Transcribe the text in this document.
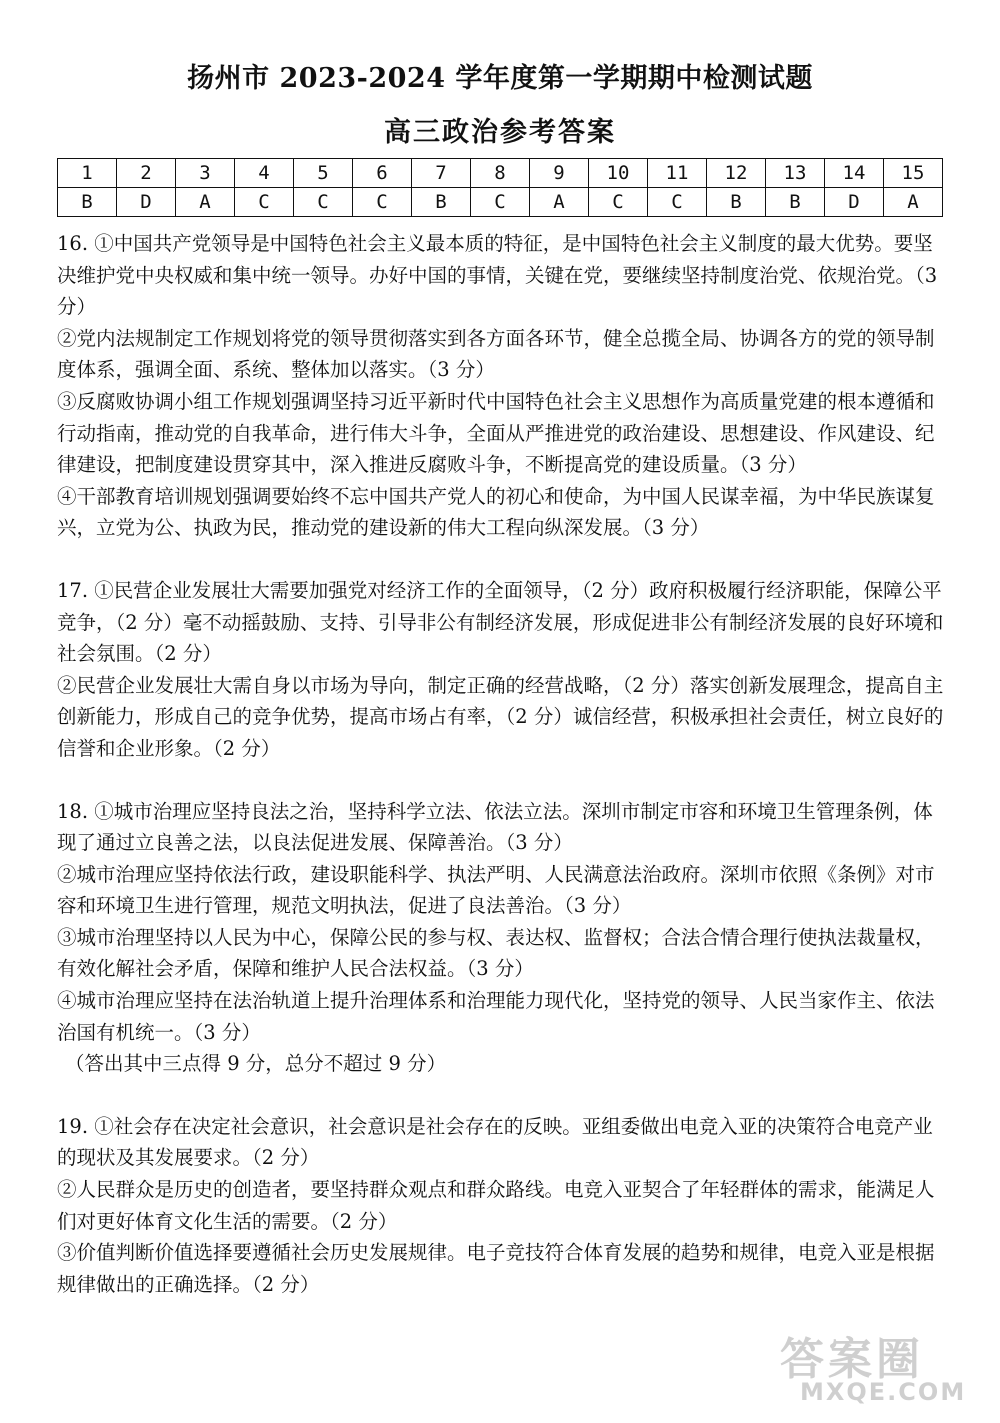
扬州市 2023-2024 学年度第一学期期中检测试题
高三政治参考答案
1	2	3	4	5	6	7	8	9	10	11	12	13	14	15
B	D	A	C	C	C	B	C	A	C	C	B	B	D	A

16. ①中国共产党领导是中国特色社会主义最本质的特征，是中国特色社会主义制度的最大优势。要坚决维护党中央权威和集中统一领导。办好中国的事情，关键在党，要继续坚持制度治党、依规治党。（3 分）

②党内法规制定工作规划将党的领导贯彻落实到各方面各环节，健全总揽全局、协调各方的党的领导制度体系，强调全面、系统、整体加以落实。（3 分）

③反腐败协调小组工作规划强调坚持习近平新时代中国特色社会主义思想作为高质量党建的根本遵循和行动指南，推动党的自我革命，进行伟大斗争，全面从严推进党的政治建设、思想建设、作风建设、纪律建设，把制度建设贯穿其中，深入推进反腐败斗争，不断提高党的建设质量。（3 分）

④干部教育培训规划强调要始终不忘中国共产党人的初心和使命，为中国人民谋幸福，为中华民族谋复兴，立党为公、执政为民，推动党的建设新的伟大工程向纵深发展。（3 分）

17. ①民营企业发展壮大需要加强党对经济工作的全面领导，（2 分）政府积极履行经济职能，保障公平竞争，（2 分）毫不动摇鼓励、支持、引导非公有制经济发展，形成促进非公有制经济发展的良好环境和社会氛围。（2 分）

②民营企业发展壮大需自身以市场为导向，制定正确的经营战略，（2 分）落实创新发展理念，提高自主创新能力，形成自己的竞争优势，提高市场占有率，（2 分）诚信经营，积极承担社会责任，树立良好的信誉和企业形象。（2 分）

18. ①城市治理应坚持良法之治，坚持科学立法、依法立法。深圳市制定市容和环境卫生管理条例，体现了通过立良善之法，以良法促进发展、保障善治。（3 分）

②城市治理应坚持依法行政，建设职能科学、执法严明、人民满意法治政府。深圳市依照《条例》对市容和环境卫生进行管理，规范文明执法，促进了良法善治。（3 分）

③城市治理坚持以人民为中心，保障公民的参与权、表达权、监督权；合法合情合理行使执法裁量权，有效化解社会矛盾，保障和维护人民合法权益。（3 分）

④城市治理应坚持在法治轨道上提升治理体系和治理能力现代化，坚持党的领导、人民当家作主、依法治国有机统一。（3 分）

（答出其中三点得 9 分，总分不超过 9 分）

19. ①社会存在决定社会意识，社会意识是社会存在的反映。亚组委做出电竞入亚的决策符合电竞产业的现状及其发展要求。（2 分）

②人民群众是历史的创造者，要坚持群众观点和群众路线。电竞入亚契合了年轻群体的需求，能满足人们对更好体育文化生活的需要。（2 分）

③价值判断价值选择要遵循社会历史发展规律。电子竞技符合体育发展的趋势和规律，电竞入亚是根据规律做出的正确选择。（2 分）

答案圈
MXQE.COM
